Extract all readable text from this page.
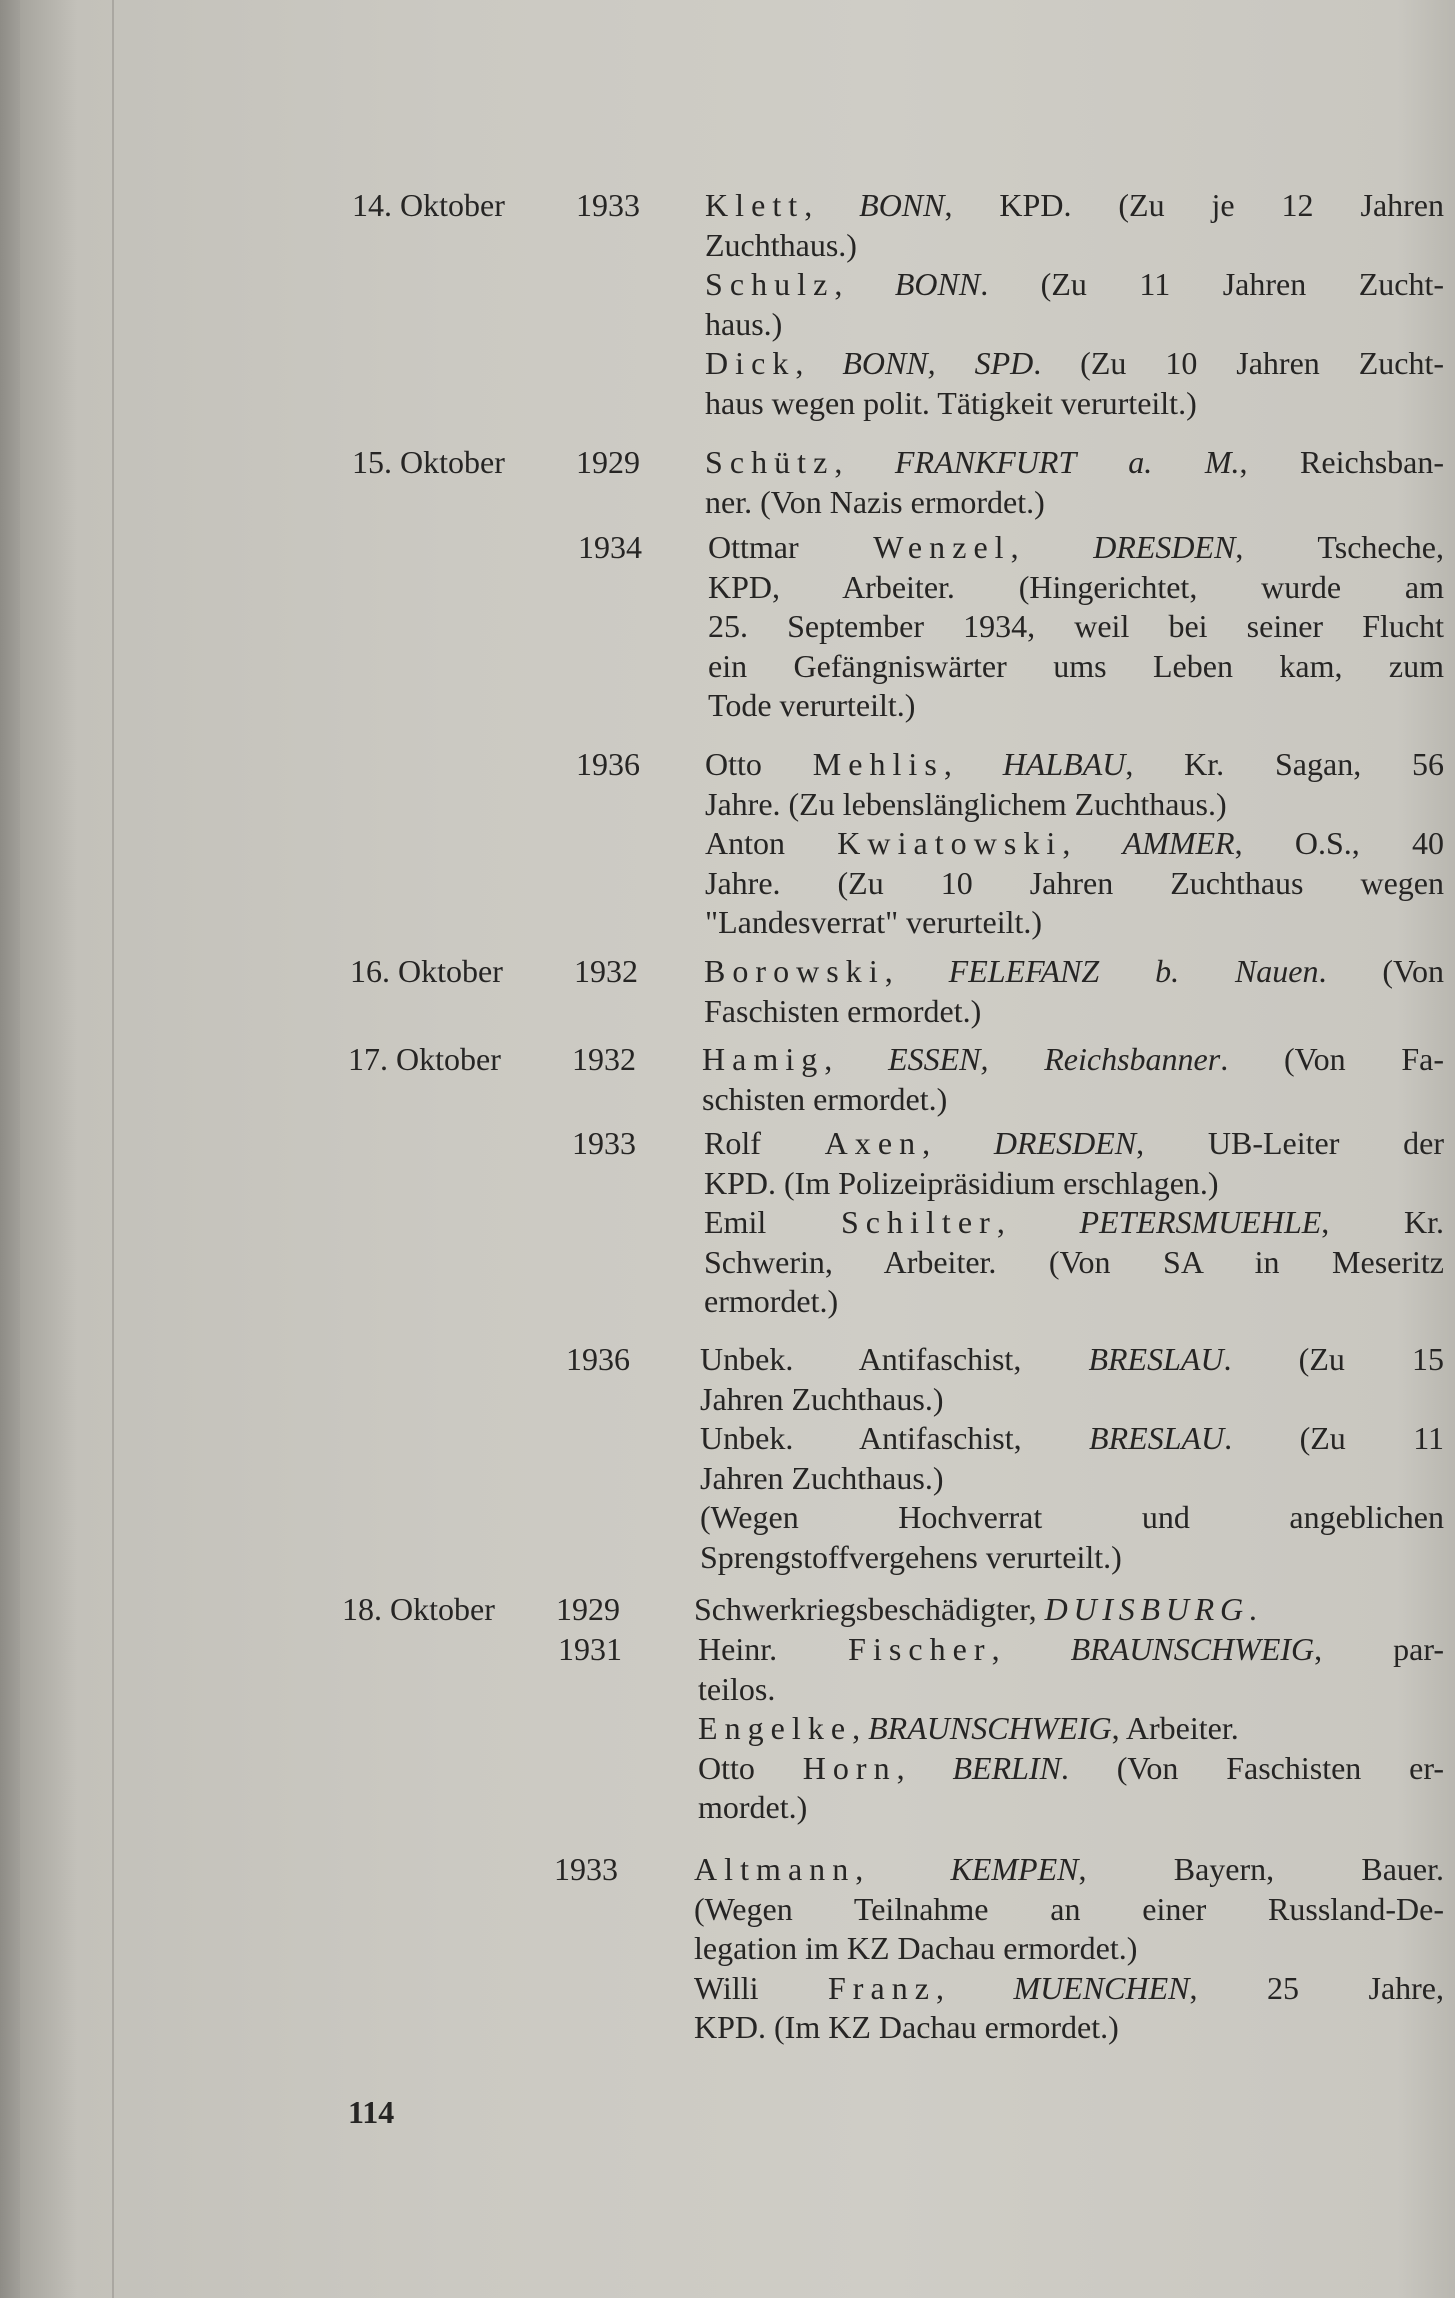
14. Oktober	1933 Klett, BONN, KPD. (Zu je 12 Jahren
Zuchthaus.)
Schulz, BONN. (Zu 11 Jahren Zucht-
haus.)
Dick, BONN, SPD. (Zu 10 Jahren Zucht-
haus wegen polit. Tätigkeit verurteilt.)
15. Oktober	1929 Schütz, FRANKFURT a. M., Reichsban-
ner. (Von Nazis ermordet.)
1934 Ottmar Wenzel, DRESDEN, Tscheche,
KPD, Arbeiter. (Hingerichtet, wurde am
25. September 1934, weil bei seiner Flucht
ein Gefängniswärter ums Leben kam, zum
Tode verurteilt.)
1936 Otto Mehlis, HALBAU, Kr. Sagan, 56
Jahre. (Zu lebenslänglichem Zuchthaus.)
Anton Kwiatowski, AMMER, O.S., 40
Jahre. (Zu 10 Jahren Zuchthaus wegen
"Landesverrat" verurteilt.)
16. Oktober	1932 Borowski, FELEFANZ b. Nauen. (Von
Faschisten ermordet.)
17. Oktober	1932 Hamig, ESSEN, Reichsbanner. (Von Fa-
schisten ermordet.)
1933 Rolf Axen, DRESDEN, UB-Leiter der
KPD. (Im Polizeipräsidium erschlagen.)
Emil Schilter, PETERSMUEHLE, Kr.
Schwerin, Arbeiter. (Von SA in Meseritz
ermordet.)
1936 Unbek. Antifaschist, BRESLAU. (Zu 15
Jahren Zuchthaus.)
Unbek. Antifaschist, BRESLAU. (Zu 11
Jahren Zuchthaus.)
(Wegen Hochverrat und angeblichen
Sprengstoffvergehens verurteilt.)
18. Oktober	1929 Schwerkriegsbeschädigter, DUISBURG.
1931 Heinr. Fischer, BRAUNSCHWEIG, par-
teilos.
Engelke, BRAUNSCHWEIG, Arbeiter.
Otto Horn, BERLIN. (Von Faschisten er-
mordet.)
1933 Altmann, KEMPEN, Bayern, Bauer.
(Wegen Teilnahme an einer Russland-De-
legation im KZ Dachau ermordet.)
Willi Franz, MUENCHEN, 25 Jahre,
KPD. (Im KZ Dachau ermordet.)
114
